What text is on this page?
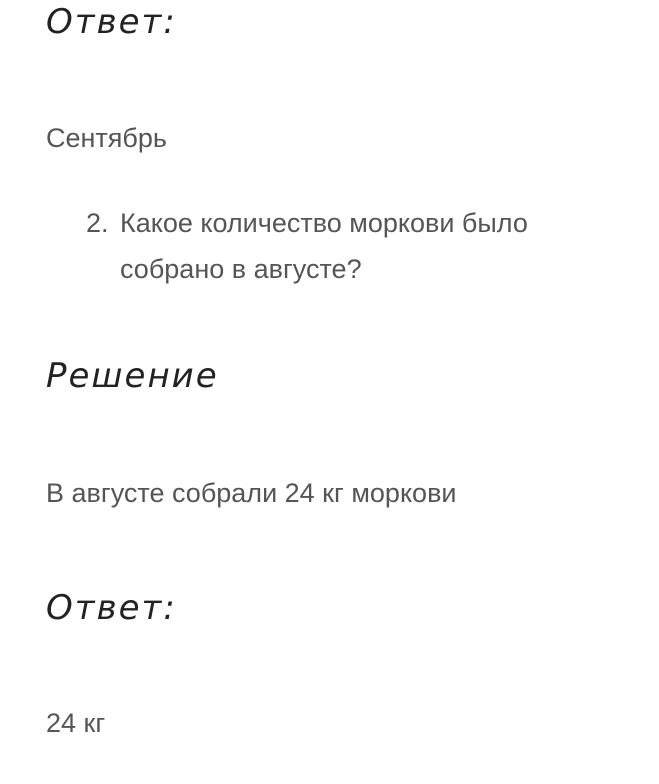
Ответ:

Сентябрь

2. Какое количество моркови было собрано в августе?
Решение

В августе собрали 24 кг моркови

Ответ:

24 кг
